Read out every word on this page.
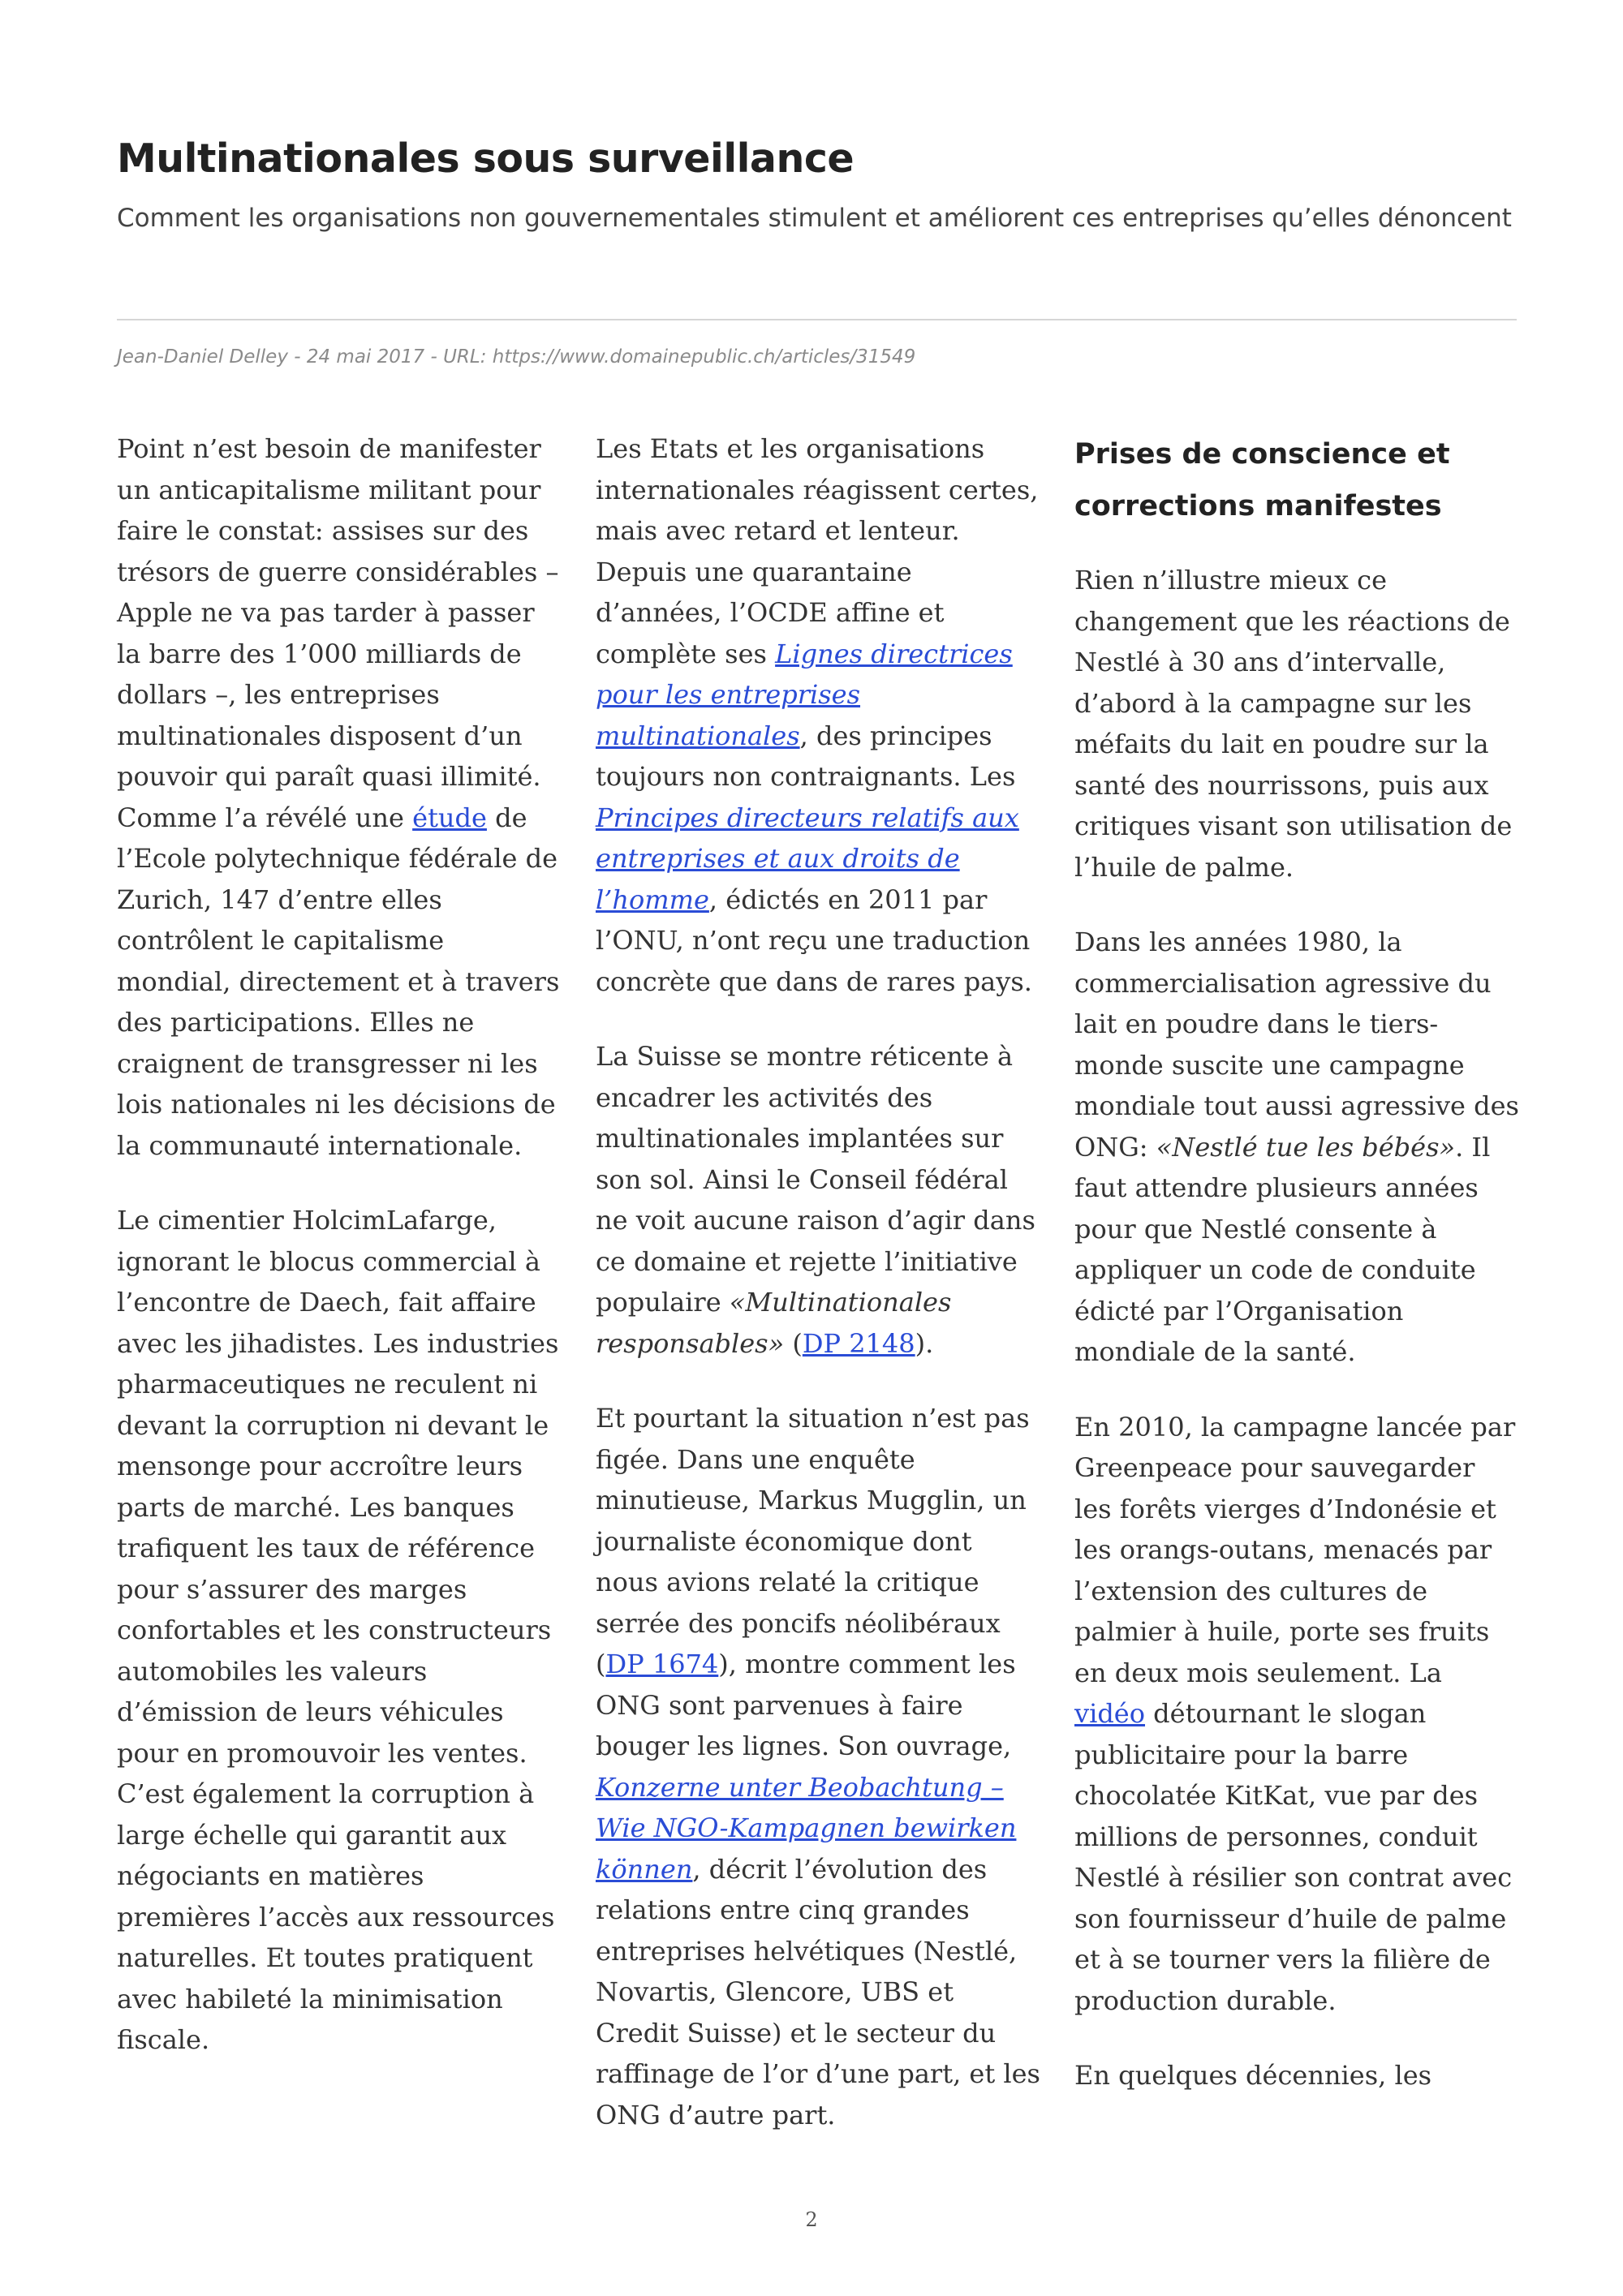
Multinationales sous surveillance
Comment les organisations non gouvernementales stimulent et améliorent ces entreprises qu’elles dénoncent
Jean-Daniel Delley - 24 mai 2017 - URL: https://www.domainepublic.ch/articles/31549

Point n’est besoin de manifester un anticapitalisme militant pour faire le constat: assises sur des trésors de guerre considérables – Apple ne va pas tarder à passer la barre des 1’000 milliards de dollars –, les entreprises multinationales disposent d’un pouvoir qui paraît quasi illimité. Comme l’a révélé une étude de l’Ecole polytechnique fédérale de Zurich, 147 d’entre elles contrôlent le capitalisme mondial, directement et à travers des participations. Elles ne craignent de transgresser ni les lois nationales ni les décisions de la communauté internationale.

Le cimentier HolcimLafarge, ignorant le blocus commercial à l’encontre de Daech, fait affaire avec les jihadistes. Les industries pharmaceutiques ne reculent ni devant la corruption ni devant le mensonge pour accroître leurs parts de marché. Les banques trafiquent les taux de référence pour s’assurer des marges confortables et les constructeurs automobiles les valeurs d’émission de leurs véhicules pour en promouvoir les ventes. C’est également la corruption à large échelle qui garantit aux négociants en matières premières l’accès aux ressources naturelles. Et toutes pratiquent avec habileté la minimisation fiscale.

Les Etats et les organisations internationales réagissent certes, mais avec retard et lenteur. Depuis une quarantaine d’années, l’OCDE affine et complète ses Lignes directrices pour les entreprises multinationales, des principes toujours non contraignants. Les Principes directeurs relatifs aux entreprises et aux droits de l’homme, édictés en 2011 par l’ONU, n’ont reçu une traduction concrète que dans de rares pays.

La Suisse se montre réticente à encadrer les activités des multinationales implantées sur son sol. Ainsi le Conseil fédéral ne voit aucune raison d’agir dans ce domaine et rejette l’initiative populaire «Multinationales responsables» (DP 2148).

Et pourtant la situation n’est pas figée. Dans une enquête minutieuse, Markus Mugglin, un journaliste économique dont nous avions relaté la critique serrée des poncifs néolibéraux (DP 1674), montre comment les ONG sont parvenues à faire bouger les lignes. Son ouvrage, Konzerne unter Beobachtung – Wie NGO-Kampagnen bewirken können, décrit l’évolution des relations entre cinq grandes entreprises helvétiques (Nestlé, Novartis, Glencore, UBS et Credit Suisse) et le secteur du raffinage de l’or d’une part, et les ONG d’autre part.

Prises de conscience et corrections manifestes

Rien n’illustre mieux ce changement que les réactions de Nestlé à 30 ans d’intervalle, d’abord à la campagne sur les méfaits du lait en poudre sur la santé des nourrissons, puis aux critiques visant son utilisation de l’huile de palme.

Dans les années 1980, la commercialisation agressive du lait en poudre dans le tiers-monde suscite une campagne mondiale tout aussi agressive des ONG: «Nestlé tue les bébés». Il faut attendre plusieurs années pour que Nestlé consente à appliquer un code de conduite édicté par l’Organisation mondiale de la santé.

En 2010, la campagne lancée par Greenpeace pour sauvegarder les forêts vierges d’Indonésie et les orangs-outans, menacés par l’extension des cultures de palmier à huile, porte ses fruits en deux mois seulement. La vidéo détournant le slogan publicitaire pour la barre chocolatée KitKat, vue par des millions de personnes, conduit Nestlé à résilier son contrat avec son fournisseur d’huile de palme et à se tourner vers la filière de production durable.

En quelques décennies, les

2
